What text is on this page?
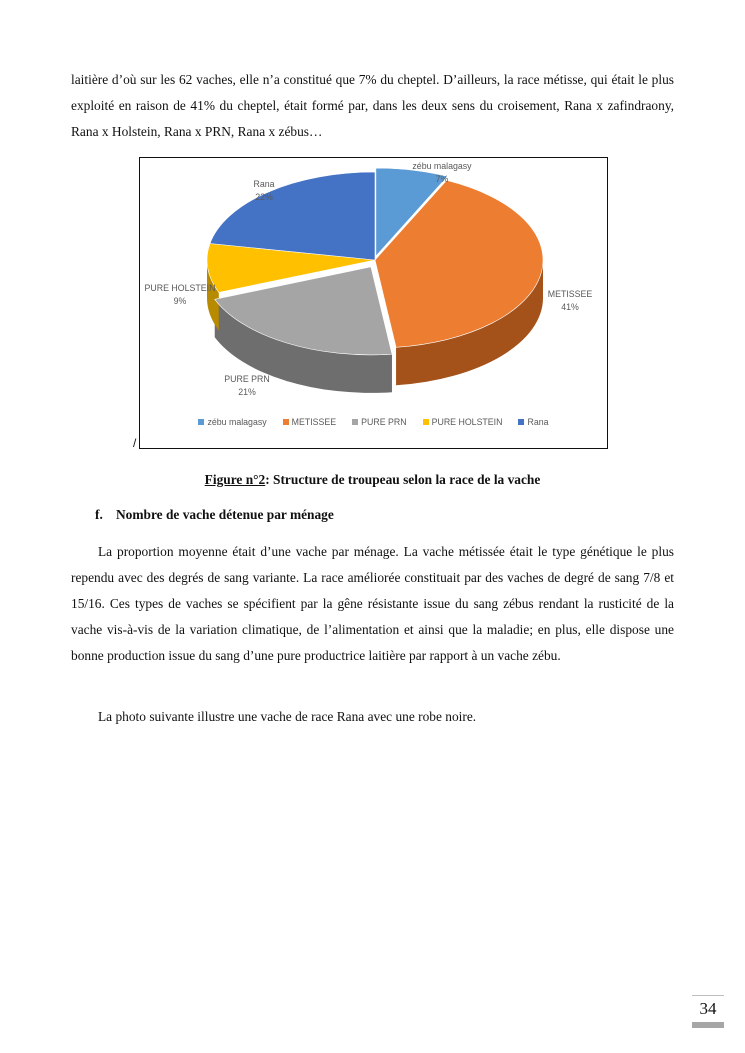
laitière d’où sur les 62 vaches, elle n’a constitué que 7% du cheptel. D’ailleurs, la race métisse, qui était le plus exploité en raison de 41% du cheptel, était formé par, dans les deux sens du croisement, Rana x zafindraony, Rana x Holstein, Rana x PRN, Rana x zébus…

zébu malagasy
7%
METISSEE
41%
PURE PRN
21%
PURE HOLSTEIN
9%
Rana
22%
zébu malagasy	METISSEE	PURE PRN	PURE HOLSTEIN	Rana
/
Figure n°2: Structure de troupeau selon la race de la vache
f. Nombre de vache détenue par ménage

La proportion moyenne était d’une vache par ménage. La vache métissée était le type génétique le plus rependu avec des degrés de sang variante. La race améliorée constituait par des vaches de degré de sang 7/8 et 15/16. Ces types de vaches se spécifient par la gêne résistante issue du sang zébus rendant la rusticité de la vache vis-à-vis de la variation climatique, de l’alimentation et ainsi que la maladie; en plus, elle dispose une bonne production issue du sang d’une pure productrice laitière par rapport à un vache zébu.

La photo suivante illustre une vache de race Rana avec une robe noire.

34
